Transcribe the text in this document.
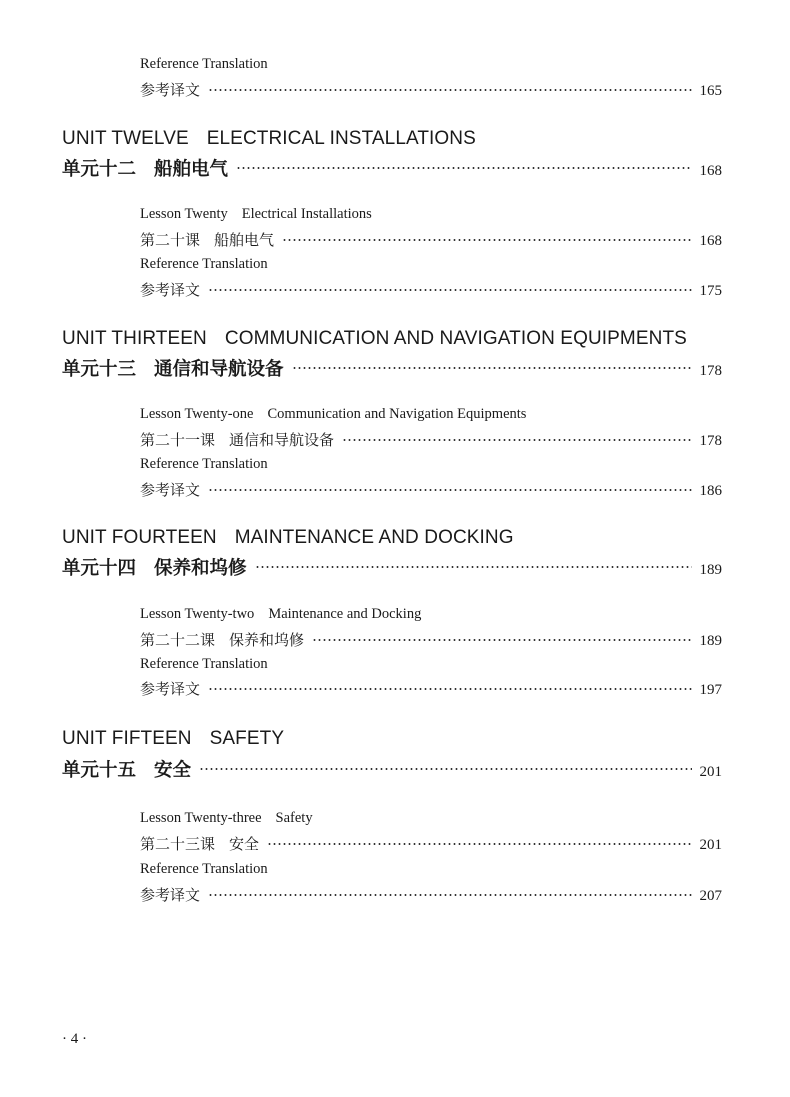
Reference Translation
参考译文	165
UNIT TWELVE ELECTRICAL INSTALLATIONS
单元十二 船舶电气	168
Lesson Twenty Electrical Installations
第二十课 船舶电气	168
Reference Translation
参考译文	175
UNIT THIRTEEN COMMUNICATION AND NAVIGATION EQUIPMENTS
单元十三 通信和导航设备	178
Lesson Twenty-one Communication and Navigation Equipments
第二十一课 通信和导航设备	178
Reference Translation
参考译文	186
UNIT FOURTEEN MAINTENANCE AND DOCKING
单元十四 保养和坞修	189
Lesson Twenty-two Maintenance and Docking
第二十二课 保养和坞修	189
Reference Translation
参考译文	197
UNIT FIFTEEN SAFETY
单元十五 安全	201
Lesson Twenty-three Safety
第二十三课 安全	201
Reference Translation
参考译文	207
· 4 ·
